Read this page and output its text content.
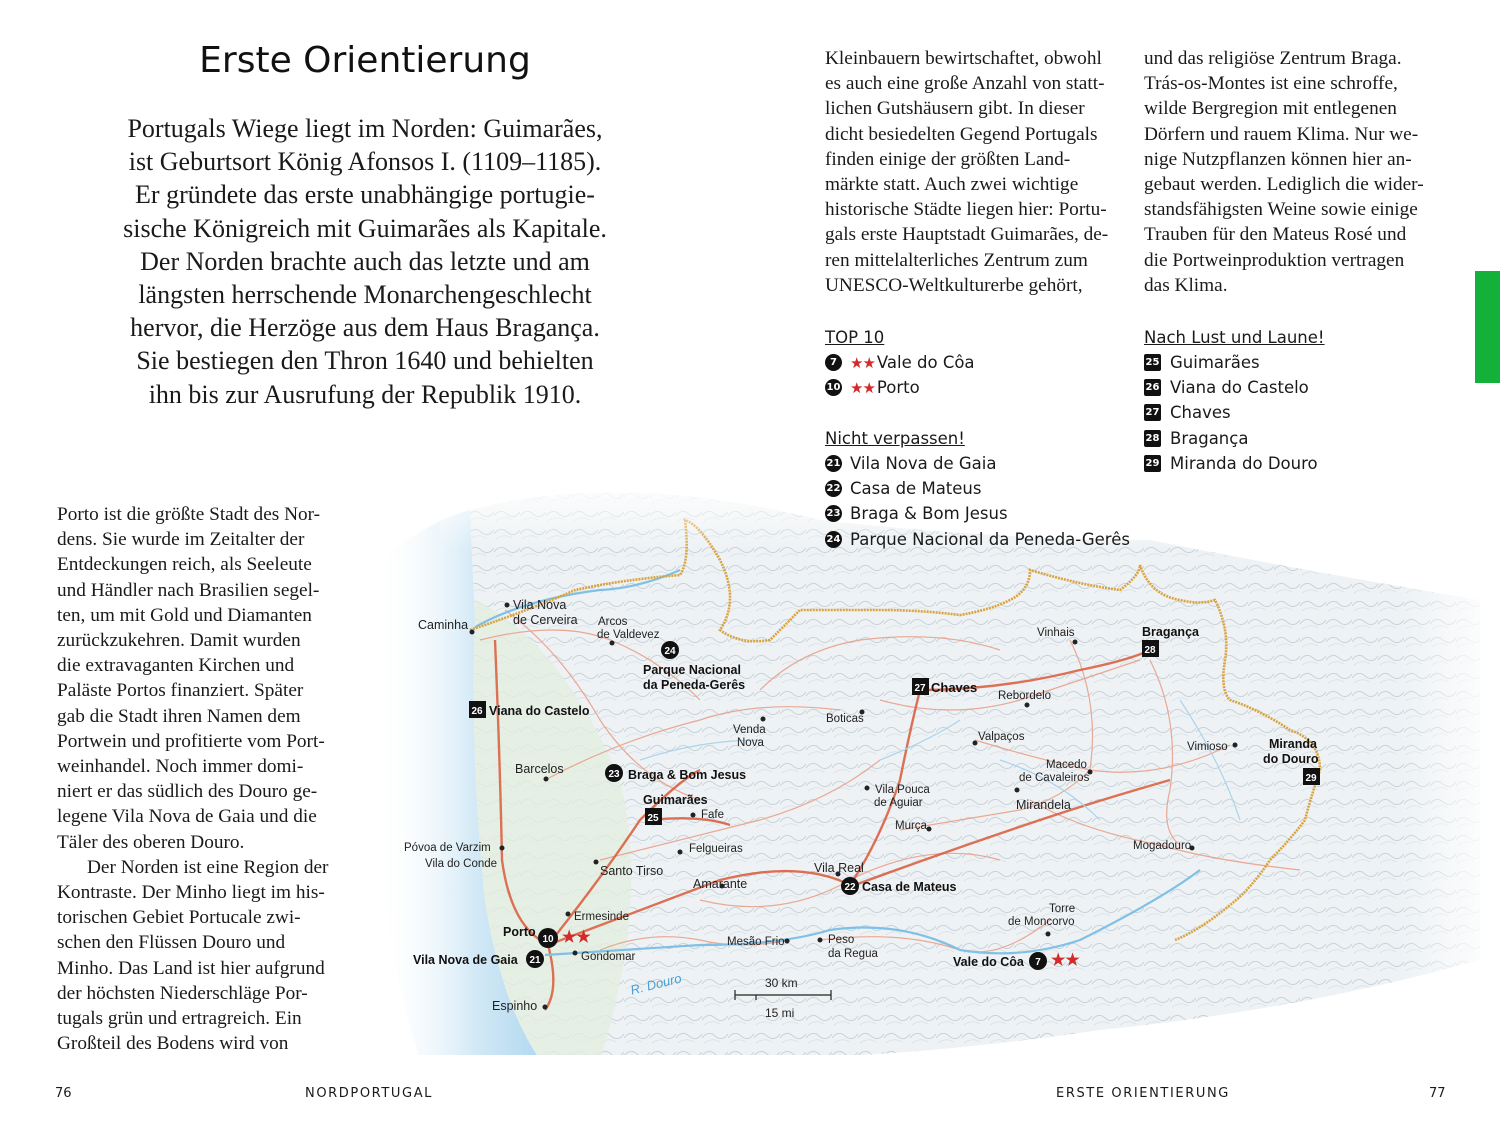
Caminha
Vila Nova
de Cerveira Arcos
de Valdevez	Vinhais
Rebordelo
Boticas
Venda
Nova	Valpaços
Macedo
de Cavaleiros
Vimioso
Barcelos
Vila Pouca
de Aguiar	Mirandela
Fafe
Murça
Póvoa de Varzim
Vila do Conde
Felgueiras	Mogadouro
Santo Tirso
Amarante
Vila Real
Ermesinde
Torre
de Moncorvo
Mesão Frio	Peso
da Regua
Gondomar
Espinho
R. Douro
24
Parque Nacional
da Peneda-Gerês
26 Viana do Castelo
27 Chaves
Bragança
28
Miranda
do Douro
29
23 Braga & Bom Jesus
Guimarães
25
22 Casa de Mateus
Porto
10 ★★
Vila Nova de Gaia 21	Vale do Côa 7 ★★
30 km
15 mi
Erste Orientierung

Portugals Wiege liegt im Norden: Guimarães,
ist Geburtsort König Afonsos I. (1109–1185).
Er gründete das erste unabhängige portugie-
sische Königreich mit Guimarães als Kapitale.
Der Norden brachte auch das letzte und am
längsten herrschende Monarchengeschlecht
hervor, die Herzöge aus dem Haus Bragança.
Sie bestiegen den Thron 1640 und behielten
ihn bis zur Ausrufung der Republik 1910.

Porto ist die größte Stadt des Nor-
dens. Sie wurde im Zeitalter der
Entdeckungen reich, als Seeleute
und Händler nach Brasilien segel-
ten, um mit Gold und Diamanten
zurückzukehren. Damit wurden
die extravaganten Kirchen und
Paläste Portos finanziert. Später
gab die Stadt ihren Namen dem
Portwein und profitierte vom Port-
weinhandel. Noch immer domi-
niert er das südlich des Douro ge-
legene Vila Nova de Gaia und die
Täler des oberen Douro.
Der Norden ist eine Region der
Kontraste. Der Minho liegt im his-
torischen Gebiet Portucale zwi-
schen den Flüssen Douro und
Minho. Das Land ist hier aufgrund
der höchsten Niederschläge Por-
tugals grün und ertragreich. Ein
Großteil des Bodens wird von
Kleinbauern bewirtschaftet, obwohl
es auch eine große Anzahl von statt-
lichen Gutshäusern gibt. In dieser
dicht besiedelten Gegend Portugals
finden einige der größten Land-
märkte statt. Auch zwei wichtige
historische Städte liegen hier: Portu-
gals erste Hauptstadt Guimarães, de-
ren mittelalterliches Zentrum zum
UNESCO-Weltkulturerbe gehört,
und das religiöse Zentrum Braga.
Trás-os-Montes ist eine schroffe,
wilde Bergregion mit entlegenen
Dörfern und rauem Klima. Nur we-
nige Nutzpflanzen können hier an-
gebaut werden. Lediglich die wider-
standsfähigsten Weine sowie einige
Trauben für den Mateus Rosé und
die Portweinproduktion vertragen
das Klima.

TOP 10

7 ★★ Vale do Côa
10 ★★ Porto

Nicht verpassen!

21 Vila Nova de Gaia
22 Casa de Mateus
23 Braga & Bom Jesus
24 Parque Nacional da Peneda-Gerês

Nach Lust und Laune!

25 Guimarães
26 Viana do Castelo
27 Chaves
28 Bragança
29 Miranda do Douro
76	NORDPORTUGAL	ERSTE ORIENTIERUNG	77
